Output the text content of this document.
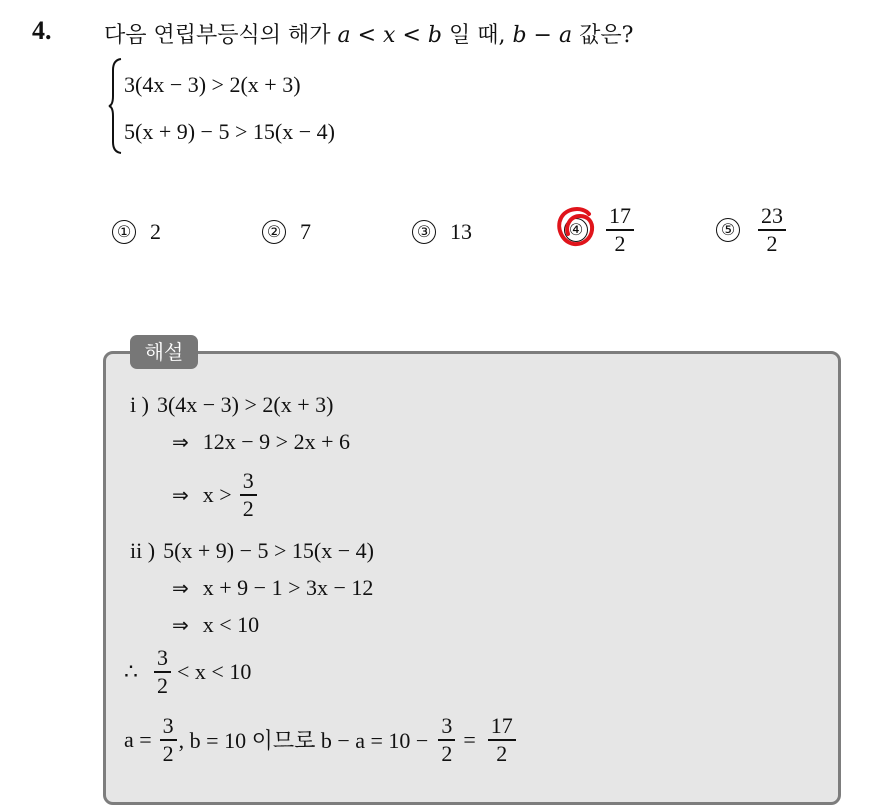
4. 다음 연립부등식의 해가 a < x < b 일 때, b − a 값은?
3(4x − 3) > 2(x + 3)
5(x + 9) − 5 > 15(x − 4)
① 2	② 7	③ 13	④ $\frac{17}{2}$	⑤ $\frac{23}{2}$
해설
i ) 3(4x − 3) > 2(x + 3)
⇒ 12x − 9 > 2x + 6
⇒ $x > \frac{3}{2}$
ii ) 5(x + 9) − 5 > 15(x − 4)
⇒ x + 9 − 1 > 3x − 12
⇒ x < 10
∴ $\frac{3}{2} < x < 10$
$a = \frac{3}{2}$ , b = 10 이므로 $b - a = 10 - \frac{3}{2} = \frac{17}{2}$
